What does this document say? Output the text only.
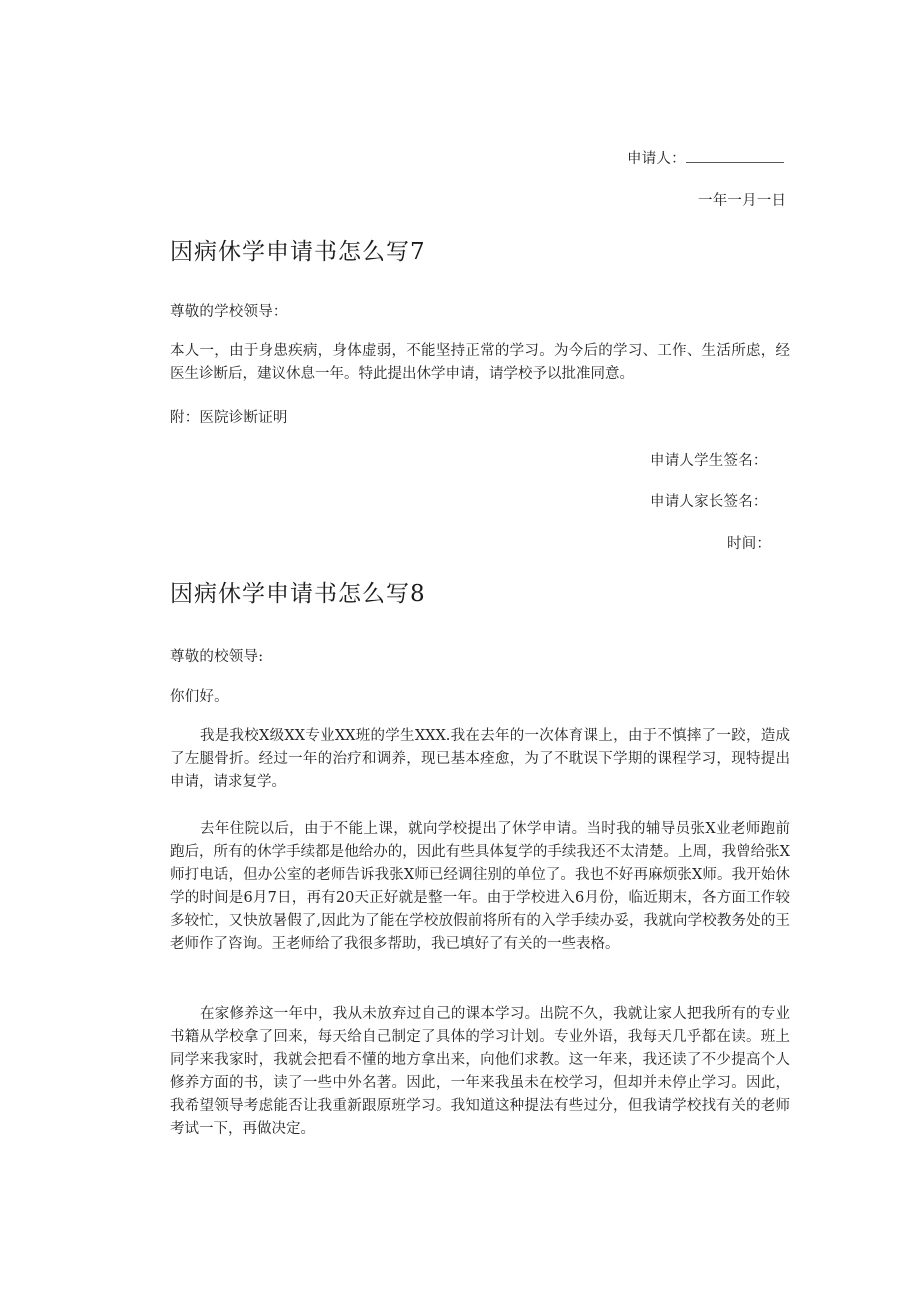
申请人：
一年一月一日
因病休学申请书怎么写7
尊敬的学校领导：

本人一，由于身患疾病，身体虚弱，不能坚持正常的学习。为今后的学习、工作、生活所虑，经医生诊断后，建议休息一年。特此提出休学申请，请学校予以批准同意。

附：医院诊断证明
申请人学生签名：
申请人家长签名：
时间：
因病休学申请书怎么写8
尊敬的校领导:
你们好。

我是我校X级XX专业XX班的学生XXX.我在去年的一次体育课上，由于不慎摔了一跤，造成了左腿骨折。经过一年的治疗和调养，现已基本痊愈，为了不耽误下学期的课程学习，现特提出申请，请求复学。

去年住院以后，由于不能上课，就向学校提出了休学申请。当时我的辅导员张X业老师跑前跑后，所有的休学手续都是他给办的，因此有些具体复学的手续我还不太清楚。上周，我曾给张X师打电话，但办公室的老师告诉我张X师已经调往别的单位了。我也不好再麻烦张X师。我开始休学的时间是6月7日，再有20天正好就是整一年。由于学校进入6月份，临近期末，各方面工作较多较忙，又快放暑假了,因此为了能在学校放假前将所有的入学手续办妥，我就向学校教务处的王老师作了咨询。王老师给了我很多帮助，我已填好了有关的一些表格。

在家修养这一年中，我从未放弃过自己的课本学习。出院不久，我就让家人把我所有的专业书籍从学校拿了回来，每天给自己制定了具体的学习计划。专业外语，我每天几乎都在读。班上同学来我家时，我就会把看不懂的地方拿出来，向他们求教。这一年来，我还读了不少提高个人修养方面的书，读了一些中外名著。因此，一年来我虽未在校学习，但却并未停止学习。因此，我希望领导考虑能否让我重新跟原班学习。我知道这种提法有些过分，但我请学校找有关的老师考试一下，再做决定。
